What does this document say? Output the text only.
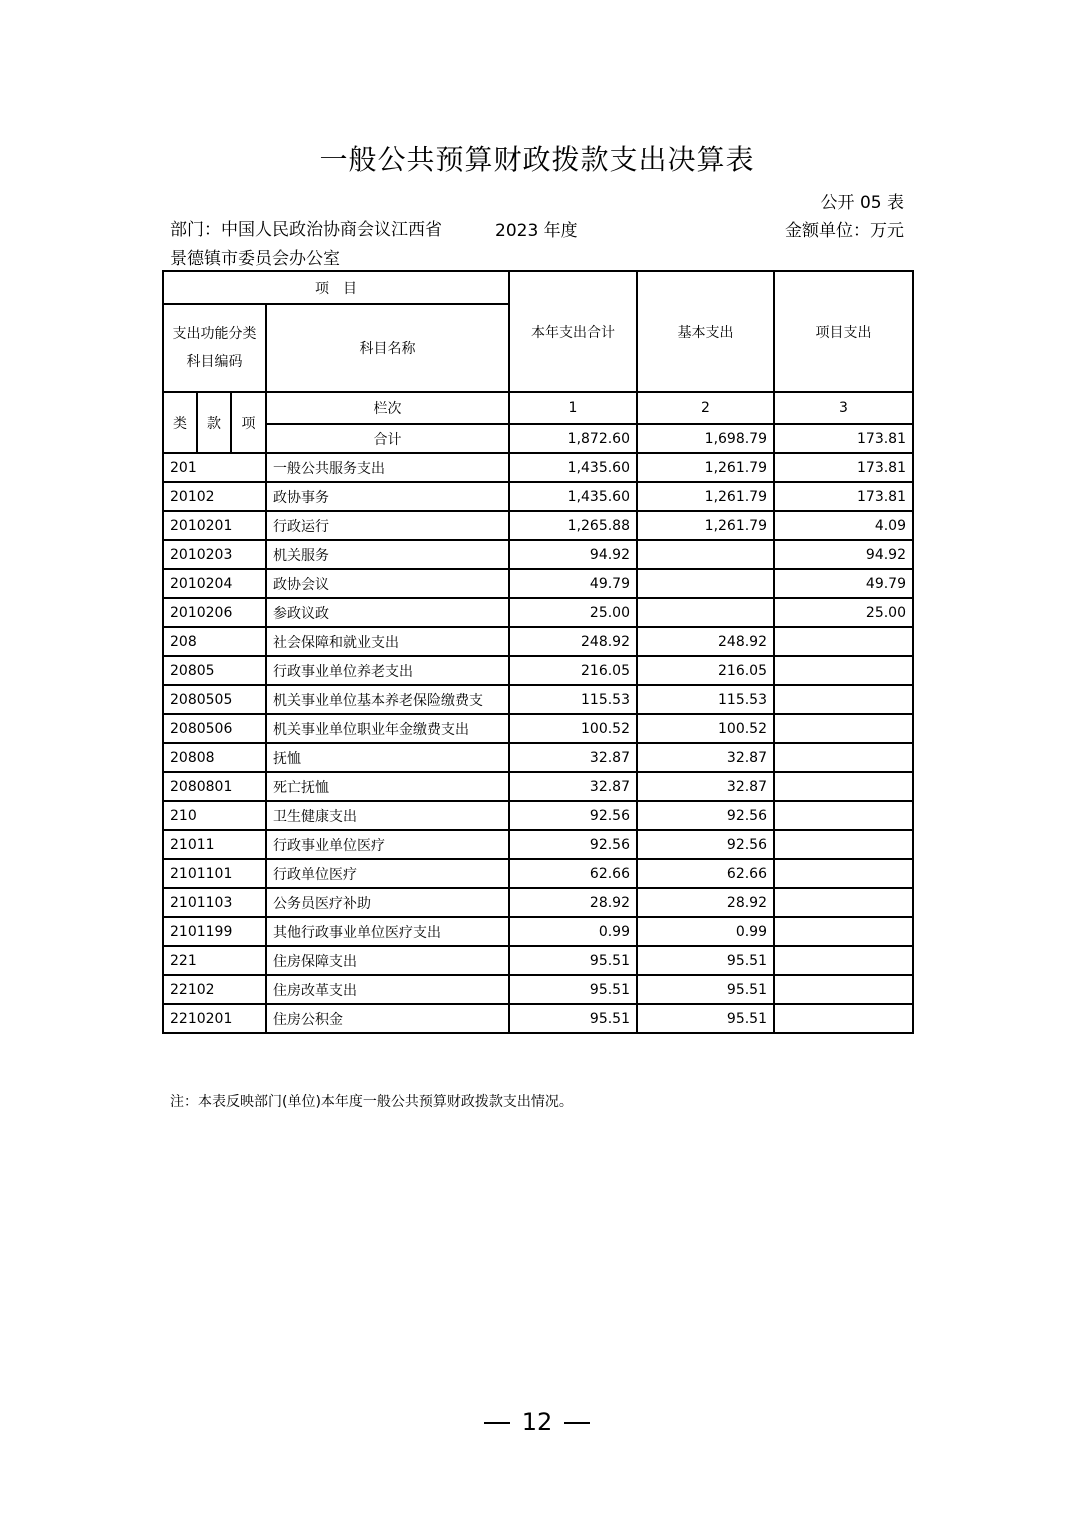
一般公共预算财政拨款支出决算表
公开 05 表
部门：中国人民政治协商会议江西省景德镇市委员会办公室
2023 年度	金额单位：万元
项　目				本年支出合计	基本支出	项目支出

支出功能分类
科目编码			科目名称			
类	款	项	栏次	1	2	3
			合计	1,872.60	1,698.79	173.81
201			一般公共服务支出	1,435.60	1,261.79	173.81
20102			政协事务	1,435.60	1,261.79	173.81
2010201			行政运行	1,265.88	1,261.79	4.09
2010203			机关服务	94.92		94.92
2010204			政协会议	49.79		49.79
2010206			参政议政	25.00		25.00
208			社会保障和就业支出	248.92	248.92	
20805			行政事业单位养老支出	216.05	216.05	
2080505			机关事业单位基本养老保险缴费支	115.53	115.53	
2080506			机关事业单位职业年金缴费支出	100.52	100.52	
20808			抚恤	32.87	32.87	
2080801			死亡抚恤	32.87	32.87	
210			卫生健康支出	92.56	92.56	
21011			行政事业单位医疗	92.56	92.56	
2101101			行政单位医疗	62.66	62.66	
2101103			公务员医疗补助	28.92	28.92	
2101199			其他行政事业单位医疗支出	0.99	0.99	
221			住房保障支出	95.51	95.51	
22102			住房改革支出	95.51	95.51	
2210201			住房公积金	95.51	95.51	
注：本表反映部门(单位)本年度一般公共预算财政拨款支出情况。
12
